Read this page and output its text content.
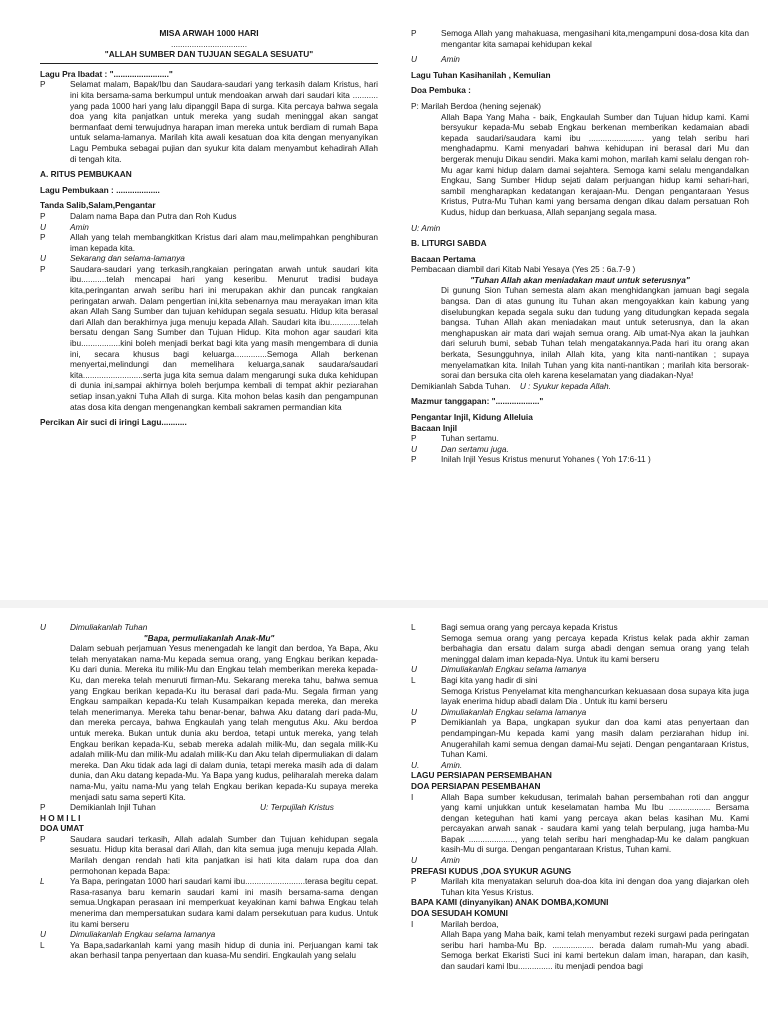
MISA ARWAH 1000 HARI
.................................
"ALLAH SUMBER DAN TUJUAN SEGALA SESUATU"
Lagu Pra Ibadat : "........................"
P	Selamat malam, Bapak/Ibu dan Saudara-saudari yang terkasih dalam Kristus, hari ini kita bersama-sama berkumpul untuk mendoakan arwah dari saudari kita ........... yang pada 1000 hari yang lalu dipanggil Bapa di surga. Kita percaya bahwa segala doa yang kita panjatkan untuk mereka yang sudah meninggal akan sangat bermanfaat demi terwujudnya harapan iman mereka untuk berdiam di rumah Bapa untuk selama-lamanya. Marilah kita awali kesatuan doa kita dengan menyanyikan Lagu Pembuka sebagai pujian dan syukur kita dalam menyambut kehadirah Allah di tengah kita.
A. RITUS PEMBUKAAN
Lagu Pembukaan : ...................
Tanda Salib,Salam,Pengantar
P	Dalam nama Bapa dan Putra dan Roh Kudus
U	Amin
P	Allah yang telah membangkitkan Kristus dari alam mau,melimpahkan penghiburan iman kepada kita.
U	Sekarang dan selama-lamanya
P	Saudara-saudari yang terkasih,rangkaian peringatan arwah untuk saudari kita ibu...........telah mencapai hari yang keseribu. Menurut tradisi budaya kita,peringantan arwah seribu hari ini merupakan akhir dan puncak rangkaian peringatan arwah. Dalam pengertian ini,kita sebenarnya mau merayakan iman kita akan Allah Sang Sumber dan tujuan kehidupan segala sesuatu. Hidup kita berasal dari Allah dan berakhirnya juga menuju kepada Allah. Saudari kita ibu.............telah bersatu dengan Sang Sumber dan Tujuan Hidup. Kita mohon agar saudari kita ibu.................kini boleh menjadi berkat bagi kita yang masih mengembara di dunia ini, secara khusus bagi keluarga..............Semoga Allah berkenan menyertai,melindungi dan memelihara keluarga,sanak saudara/saudari kita..........................serta juga kita semua dalam mengarungi suka duka kehidupan di dunia ini,sampai akhirnya boleh berjumpa kembali di tempat akhir peziarahan setiap insan,yakni Tuha Allah di surga. Kita mohon belas kasih dan pengampunan atas dosa kita dengan mengenangkan kembali sakramen permandian kita
Percikan Air suci di iringi Lagu...........
P	Semoga Allah yang mahakuasa, mengasihani kita,mengampuni dosa-dosa kita dan mengantar kita samapai kehidupan kekal
U	Amin
Lagu Tuhan Kasihanilah , Kemulian
Doa Pembuka :
P: Marilah Berdoa (hening sejenak)
Allah Bapa Yang Maha - baik, Engkaulah Sumber dan Tujuan hidup kami. Kami bersyukur kepada-Mu sebab Engkau berkenan memberikan kedamaian abadi kepada saudari/saudara kami ibu ........................ yang telah seribu hari menghadapmu. Kami menyadari bahwa kehidupan ini berasal dari Mu dan bergerak menuju Dikau sendiri. Maka kami mohon, marilah kami selalu dengan roh-Mu agar kami hidup dalam damai sejahtera. Semoga kami selalu mengandalkan Engkau, Sang Sumber Hidup sejati dalam perjuangan hidup kami sehari-hari, sambil mengharapkan kedatangan kerajaan-Mu. Dengan pengantaraan Yesus Kristus, Putra-Mu Tuhan kami yang bersama dengan dikau dalam persatuan Roh Kudus, hidup dan berkuasa, Allah sepanjang segala masa.
U: Amin
B. LITURGI SABDA
Bacaan Pertama
Pembacaan diambil dari Kitab Nabi Yesaya (Yes 25 : 6a.7-9 )
"Tuhan Allah akan meniadakan maut untuk seterusnya"
Di gunung Sion Tuhan semesta alam akan menghidangkan jamuan bagi segala bangsa. Dan di atas gunung itu Tuhan akan mengoyakkan kain kabung yang diselubungkan kepada segala suku dan tudung yang ditudungkan kepada segala bangsa. Tuhan Allah akan meniadakan maut untuk seterusnya, dan la akan menghapuskan air mata dari wajah semua orang. Aib umat-Nya akan la jauhkan dari seluruh bumi, sebab Tuhan telah mengatakannya.Pada hari itu orang akan berkata, Sesungguhnya, inilah Allah kita, yang kita nanti-nantikan ; supaya menyelamatkan kita. Inilah Tuhan yang kita nanti-nantikan ; marilah kita bersorak-sorai dan bersuka cita oleh karena keselamatan yang diadakan-Nya!
Demikianlah Sabda Tuhan. U : Syukur kepada Allah.
Mazmur tanggapan: "..................."
Pengantar Injil, Kidung Alleluia
Bacaan Injil
P	Tuhan sertamu.
U	Dan sertamu juga.
P	Inilah Injil Yesus Kristus menurut Yohanes ( Yoh 17:6-11 )
U	Dimuliakanlah Tuhan
"Bapa, permuliakanlah Anak-Mu"
Dalam sebuah perjamuan Yesus menengadah ke langit dan berdoa, Ya Bapa, Aku telah menyatakan nama-Mu kepada semua orang, yang Engkau berikan kepada-Ku dari dunia. Mereka itu milik-Mu dan Engkau telah memberikan mereka kepada-Ku, dan mereka telah menuruti firman-Mu. Sekarang mereka tahu, bahwa semua yang Engkau berikan kepada-Ku itu berasal dari pada-Mu. Segala firman yang Engkau sampaikan kepada-Ku telah Kusampaikan kepada mereka, dan mereka telah menerimanya. Mereka tahu benar-benar, bahwa Aku datang dari pada-Mu, dan mereka percaya, bahwa Engkaulah yang telah mengutus Aku. Aku berdoa untuk mereka. Bukan untuk dunia aku berdoa, tetapi untuk mereka, yang telah Engkau berikan kepada-Ku, sebab mereka adalah milik-Mu, dan segala milik-Ku adalah milik-Mu dan milik-Mu adalah milik-Ku dan Aku telah dipermuliakan di dalam mereka. Dan Aku tidak ada lagi di dalam dunia, tetapi mereka masih ada di dalam dunia, dan Aku datang kepada-Mu. Ya Bapa yang kudus, peliharalah mereka dalam nama-Mu, yaitu nama-Mu yang telah Engkau berikan kepada-Ku supaya mereka menjadi satu sama seperti Kita.
P	Demikianlah Injil Tuhan	U: Terpujilah Kristus
H O M I L I
DOA UMAT
P	Saudara saudari terkasih, Allah adalah Sumber dan Tujuan kehidupan segala sesuatu. Hidup kita berasal dari Allah, dan kita semua juga menuju kepada Allah. Marilah dengan rendah hati kita panjatkan isi hati kita dalam rupa doa dan permohonan kepada Bapa:
L	Ya Bapa, peringatan 1000 hari saudari kami ibu..........................terasa begitu cepat. Rasa-rasanya baru kemarin saudari kami ini masih bersama-sama dengan semua.Ungkapan perasaan ini memperkuat keyakinan kami bahwa Engkau telah menerima dan mempersatukan sudara kami dalam persekutuan para kudus. Untuk itu kami berseru
U	Dimuliakanlah Engkau selama lamanya
L	Ya Bapa,sadarkanlah kami yang masih hidup di dunia ini. Perjuangan kami tak akan berhasil tanpa penyertaan dan kuasa-Mu sendiri. Engkaulah yang selalu
L	Bagi semua orang yang percaya kepada Kristus
Semoga semua orang yang percaya kepada Kristus kelak pada akhir zaman berbahagia dan ersatu dalam surga abadi dengan semua orang yang telah meninggal dalam iman kepada-Nya. Untuk itu kami berseru
U	Dimuliakanlah Engkau selama lamanya
L	Bagi kita yang hadir di sini
Semoga Kristus Penyelamat kita menghancurkan kekuasaan dosa supaya kita juga layak enerima hidup abadi dalam Dia . Untuk itu kami berseru
U	Dimuliakanlah Engkau selama lamanya
P	Demikianlah ya Bapa, ungkapan syukur dan doa kami atas penyertaan dan pendampingan-Mu kepada kami yang masih dalam perziarahan hidup ini. Anugerahilah kami semua dengan damai-Mu sejati. Dengan pengantaraan Kristus, Tuhan Kami.
U.	Amin.
LAGU PERSIAPAN PERSEMBAHAN
DOA PERSIAPAN PESEMBAHAN
I	Allah Bapa sumber kekudusan, terimalah bahan persembahan roti dan anggur yang kami unjukkan untuk keselamatan hamba Mu Ibu .................. Bersama dengan keteguhan hati kami yang percaya akan belas kasihan Mu. Kami percayakan arwah sanak - saudara kami yang telah berpulang, juga hamba-Mu Bapak ...................., yang telah seribu hari menghadap-Mu ke dalam pangkuan kasih-Mu di surga. Dengan pengantaraan Kristus, Tuhan kami.
U	Amin
PREFASI KUDUS ,DOA SYUKUR AGUNG
P	Marilah kita menyatakan seluruh doa-doa kita ini dengan doa yang diajarkan oleh Tuhan kita Yesus Kristus.
BAPA KAMI (dinyanyikan) ANAK DOMBA,KOMUNI
DOA SESUDAH KOMUNI
I	Marilah berdoa,
Allah Bapa yang Maha baik, kami telah menyambut rezeki surgawi pada peringatan seribu hari hamba-Mu Bp. .................. berada dalam rumah-Mu yang abadi. Semoga berkat Ekaristi Suci ini kami bertekun dalam iman, harapan, dan kasih, dan saudari kami Ibu............... itu menjadi pendoa bagi
